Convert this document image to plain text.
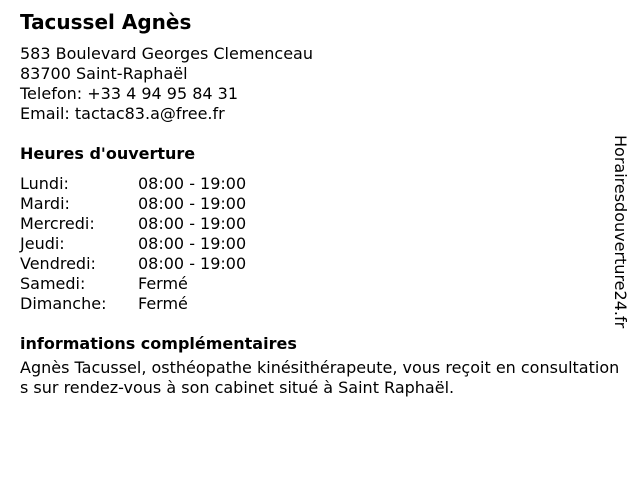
Tacussel Agnès
583 Boulevard Georges Clemenceau
83700 Saint-Raphaël
Telefon: +33 4 94 95 84 31
Email: tactac83.a@free.fr
Heures d'ouverture
Lundi:	08:00 - 19:00
Mardi:	08:00 - 19:00
Mercredi:	08:00 - 19:00
Jeudi:	08:00 - 19:00
Vendredi:	08:00 - 19:00
Samedi:	Fermé
Dimanche:	Fermé
informations complémentaires
Agnès Tacussel, osthéopathe kinésithérapeute, vous reçoit en consultations sur rendez-vous à son cabinet situé à Saint Raphaël.
Horairesdouverture24.fr
